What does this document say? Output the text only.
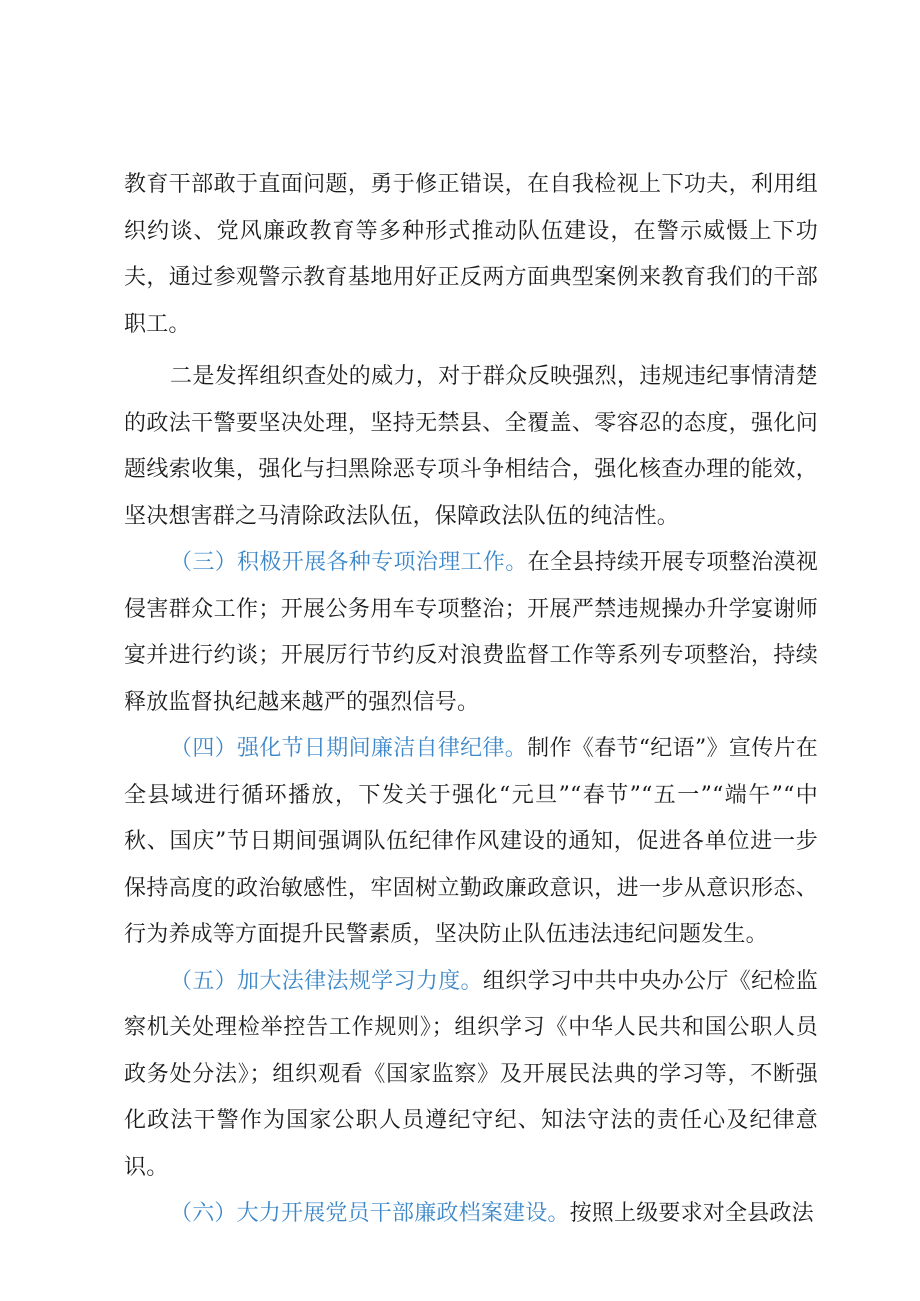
教育干部敢于直面问题，勇于修正错误，在自我检视上下功夫，利用组织约谈、党风廉政教育等多种形式推动队伍建设，在警示威慑上下功夫，通过参观警示教育基地用好正反两方面典型案例来教育我们的干部职工。

二是发挥组织查处的威力，对于群众反映强烈，违规违纪事情清楚的政法干警要坚决处理，坚持无禁县、全覆盖、零容忍的态度，强化问题线索收集，强化与扫黑除恶专项斗争相结合，强化核查办理的能效，坚决想害群之马清除政法队伍，保障政法队伍的纯洁性。

（三）积极开展各种专项治理工作。在全县持续开展专项整治漠视侵害群众工作；开展公务用车专项整治；开展严禁违规操办升学宴谢师宴并进行约谈；开展厉行节约反对浪费监督工作等系列专项整治，持续释放监督执纪越来越严的强烈信号。

（四）强化节日期间廉洁自律纪律。制作《春节“纪语”》宣传片在全县域进行循环播放，下发关于强化“元旦”“春节”“五一”“端午”“中秋、国庆”节日期间强调队伍纪律作风建设的通知，促进各单位进一步保持高度的政治敏感性，牢固树立勤政廉政意识，进一步从意识形态、行为养成等方面提升民警素质，坚决防止队伍违法违纪问题发生。

（五）加大法律法规学习力度。组织学习中共中央办公厅《纪检监察机关处理检举控告工作规则》；组织学习《中华人民共和国公职人员政务处分法》；组织观看《国家监察》及开展民法典的学习等，不断强化政法干警作为国家公职人员遵纪守纪、知法守法的责任心及纪律意识。

（六）大力开展党员干部廉政档案建设。按照上级要求对全县政法
